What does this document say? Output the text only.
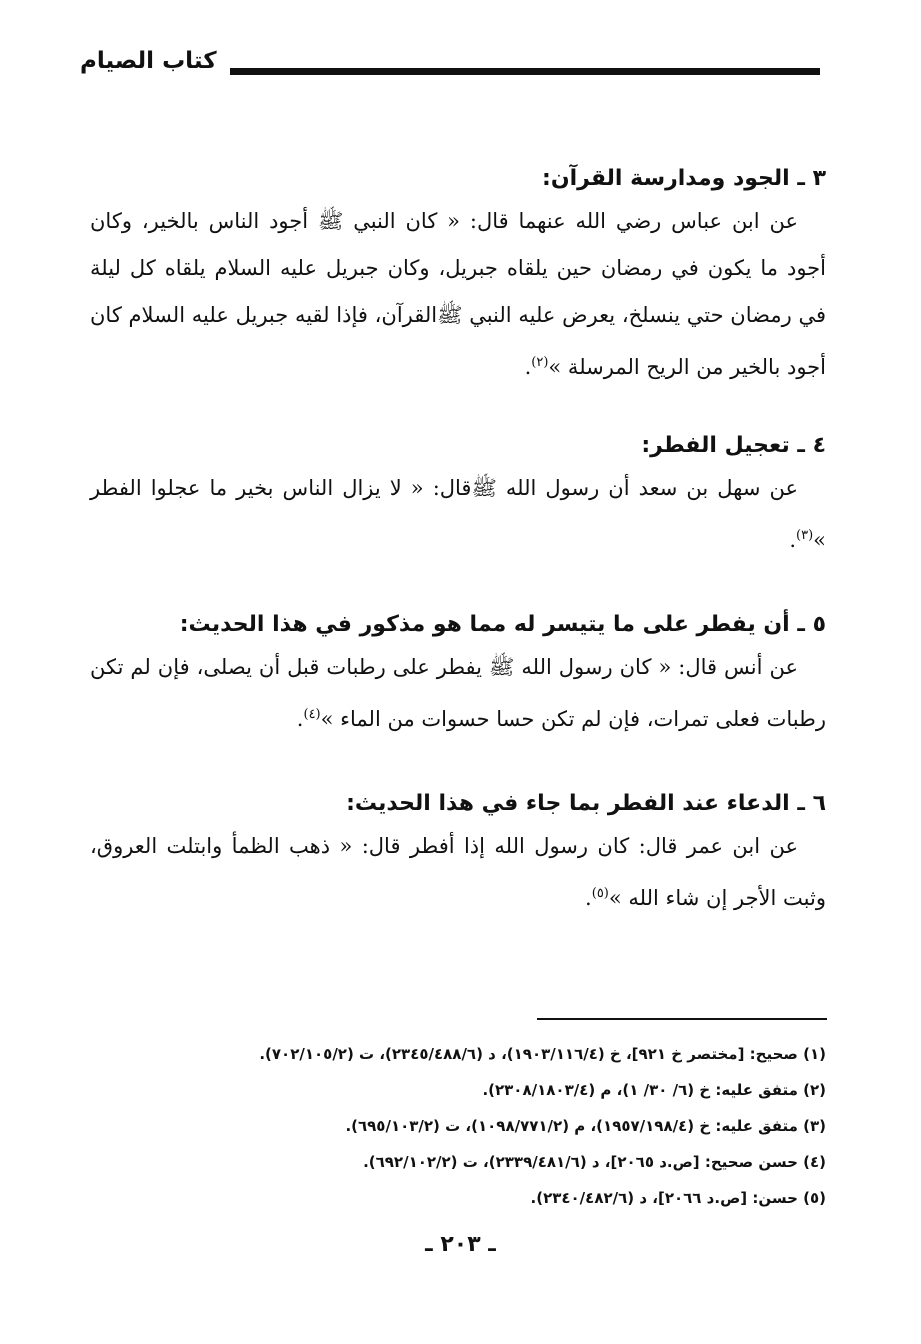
كتاب الصيام

٣ ـ الجود ومدارسة القرآن:

عن ابن عباس رضي الله عنهما قال: « كان النبي ﷺ أجود الناس بالخير، وكان أجود ما يكون في رمضان حين يلقاه جبريل، وكان جبريل عليه السلام يلقاه كل ليلة في رمضان حتي ينسلخ، يعرض عليه النبي ﷺالقرآن، فإذا لقيه جبريل عليه السلام كان أجود بالخير من الريح المرسلة »$^{(٢)}$.

٤ ـ تعجيل الفطر:

عن سهل بن سعد أن رسول الله ﷺقال: « لا يزال الناس بخير ما عجلوا الفطر »$^{(٣)}$.

٥ ـ أن يفطر على ما يتيسر له مما هو مذكور في هذا الحديث:

عن أنس قال: « كان رسول الله ﷺ يفطر على رطبات قبل أن يصلى، فإن لم تكن رطبات فعلى تمرات، فإن لم تكن حسا حسوات من الماء »$^{(٤)}$.

٦ ـ الدعاء عند الفطر بما جاء في هذا الحديث:

عن ابن عمر قال: كان رسول الله إذا أفطر قال: « ذهب الظمأ وابتلت العروق، وثبت الأجر إن شاء الله »$^{(٥)}$.

(١) صحيح: [مختصر خ ٩٢١]، خ (١٩٠٣/١١٦/٤)، د (٢٣٤٥/٤٨٨/٦)، ت (٧٠٢/١٠٥/٢).

(٢) متفق عليه: خ (٦/ ٣٠/ ١)، م (٢٣٠٨/١٨٠٣/٤).

(٣) متفق عليه: خ (١٩٥٧/١٩٨/٤)، م (١٠٩٨/٧٧١/٢)، ت (٦٩٥/١٠٣/٢).

(٤) حسن صحيح: [ص.د ٢٠٦٥]، د (٢٣٣٩/٤٨١/٦)، ت (٦٩٢/١٠٢/٢).

(٥) حسن: [ص.د ٢٠٦٦]، د (٢٣٤٠/٤٨٢/٦).

ـ ٢٠٣ ـ
